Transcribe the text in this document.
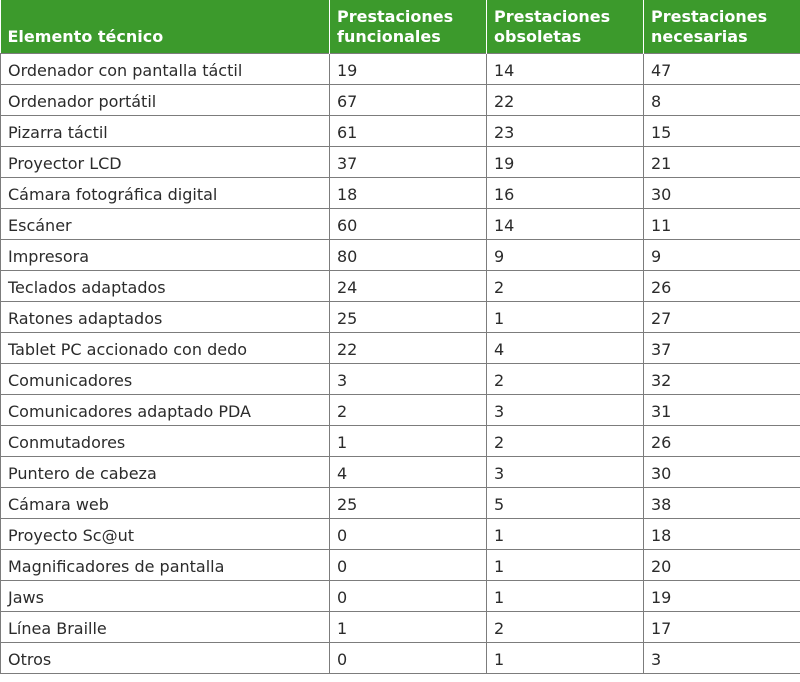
Elemento técnico	Prestaciones funcionales	Prestaciones obsoletas	Prestaciones necesarias
Ordenador con pantalla táctil	19	14	47
Ordenador portátil	67	22	8
Pizarra táctil	61	23	15
Proyector LCD	37	19	21
Cámara fotográfica digital	18	16	30
Escáner	60	14	11
Impresora	80	9	9
Teclados adaptados	24	2	26
Ratones adaptados	25	1	27
Tablet PC accionado con dedo	22	4	37
Comunicadores	3	2	32
Comunicadores adaptado PDA	2	3	31
Conmutadores	1	2	26
Puntero de cabeza	4	3	30
Cámara web	25	5	38
Proyecto Sc@ut	0	1	18
Magnificadores de pantalla	0	1	20
Jaws	0	1	19
Línea Braille	1	2	17
Otros	0	1	3
